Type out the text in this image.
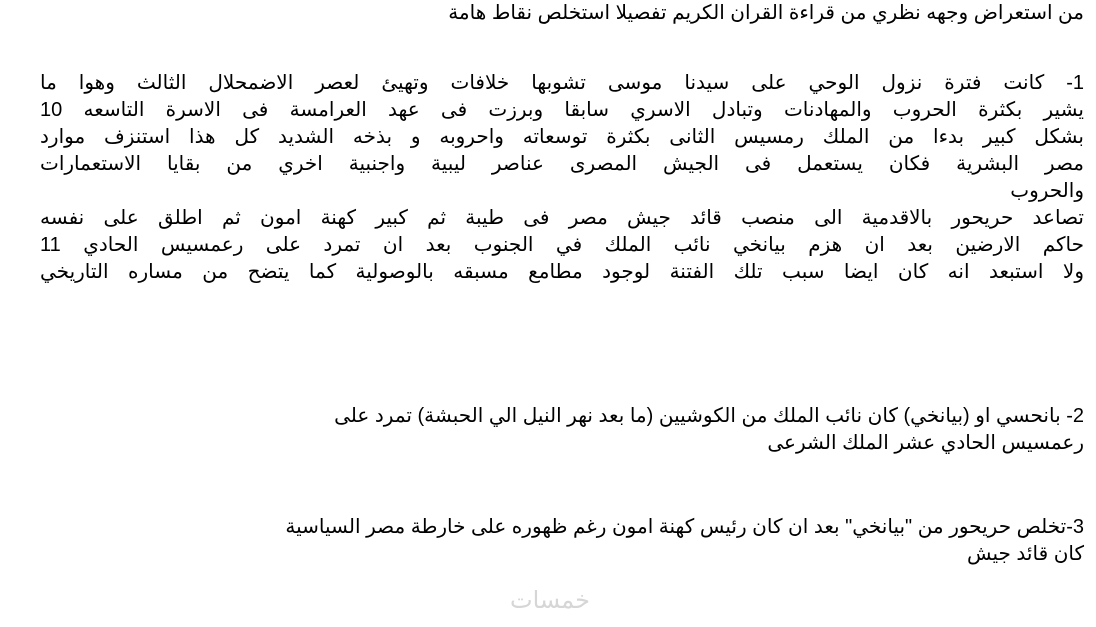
من استعراض وجهه نظري من قراءة القران الكريم تفصيلا استخلص نقاط هامة
1- كانت فترة نزول الوحي على سيدنا موسى تشوبها خلافات وتهيئ لعصر الاضمحلال الثالث وهوا ما
يشير بكثرة الحروب والمهادنات وتبادل الاسري سابقا وبرزت فى عهد العرامسة فى الاسرة التاسعه 10
بشكل كبير بدءا من الملك رمسيس الثانى بكثرة توسعاته واحروبه و بذخه الشديد كل هذا استنزف موارد
مصر البشرية فكان يستعمل فى الجيش المصرى عناصر ليبية واجنبية اخري من بقايا الاستعمارات
والحروب
تصاعد حريحور بالاقدمية الى منصب قائد جيش مصر فى طيبة ثم كبير كهنة امون ثم اطلق على نفسه
حاكم الارضين بعد ان هزم بيانخي نائب الملك في الجنوب بعد ان تمرد على رعمسيس الحادي 11
ولا استبعد انه كان ايضا سبب تلك الفتنة لوجود مطامع مسبقه بالوصولية كما يتضح من مساره التاريخي
2- بانحسي او (بيانخي) كان نائب الملك من الكوشيين (ما بعد نهر النيل الي الحبشة) تمرد على
رعمسيس الحادي عشر الملك الشرعى
3-تخلص حريحور من "بيانخي" بعد ان كان رئيس كهنة امون رغم ظهوره على خارطة مصر السياسية
كان قائد جيش
خمسات
